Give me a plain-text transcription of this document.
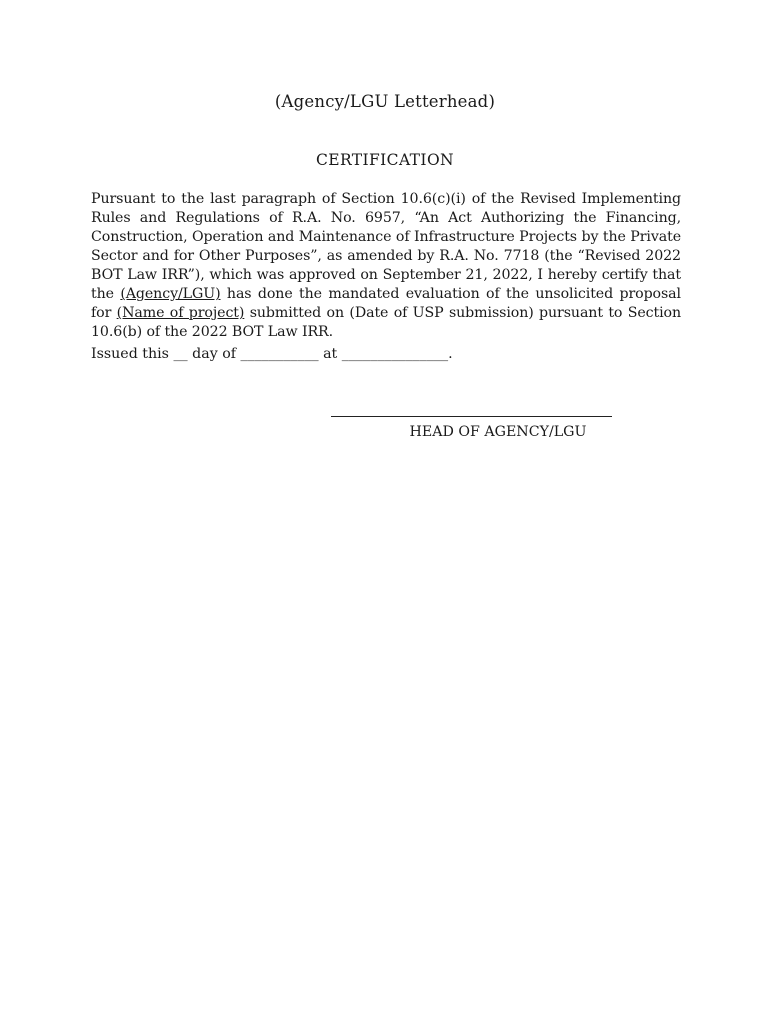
(Agency/LGU Letterhead)
CERTIFICATION
Pursuant to the last paragraph of Section 10.6(c)(i) of the Revised Implementing Rules and Regulations of R.A. No. 6957, “An Act Authorizing the Financing, Construction, Operation and Maintenance of Infrastructure Projects by the Private Sector and for Other Purposes”, as amended by R.A. No. 7718 (the “Revised 2022 BOT Law IRR”), which was approved on September 21, 2022, I hereby certify that the (Agency/LGU) has done the mandated evaluation of the unsolicited proposal for (Name of project) submitted on (Date of USP submission) pursuant to Section 10.6(b) of the 2022 BOT Law IRR.
Issued this __ day of ___________ at _______________.
HEAD OF AGENCY/LGU
